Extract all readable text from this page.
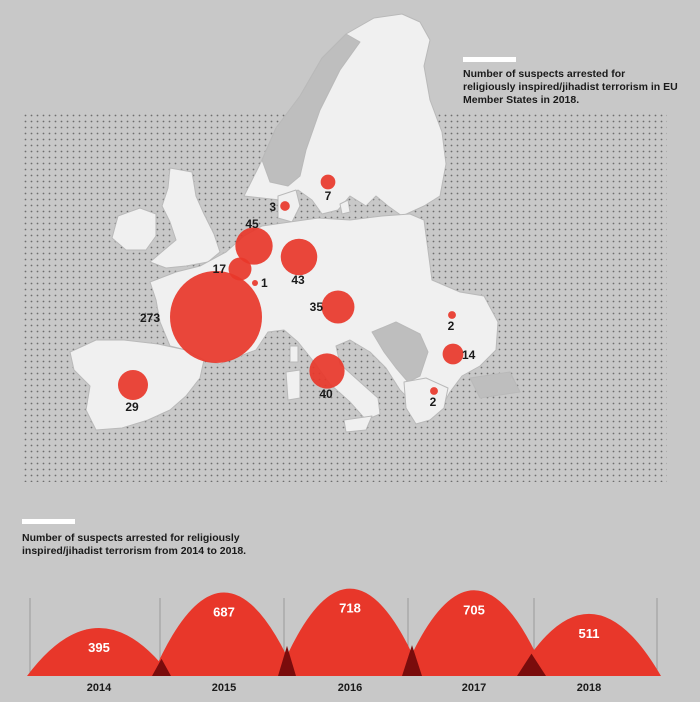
273
45
43
40
35
29
17
14
7
3
1
2
2
395
2014
687
2015
718
2016
705
2017
511
2018
Number of suspects arrested for religiously inspired/jihadist terrorism in EU Member States in 2018.
Number of suspects arrested for religiously inspired/jihadist terrorism from 2014 to 2018.
